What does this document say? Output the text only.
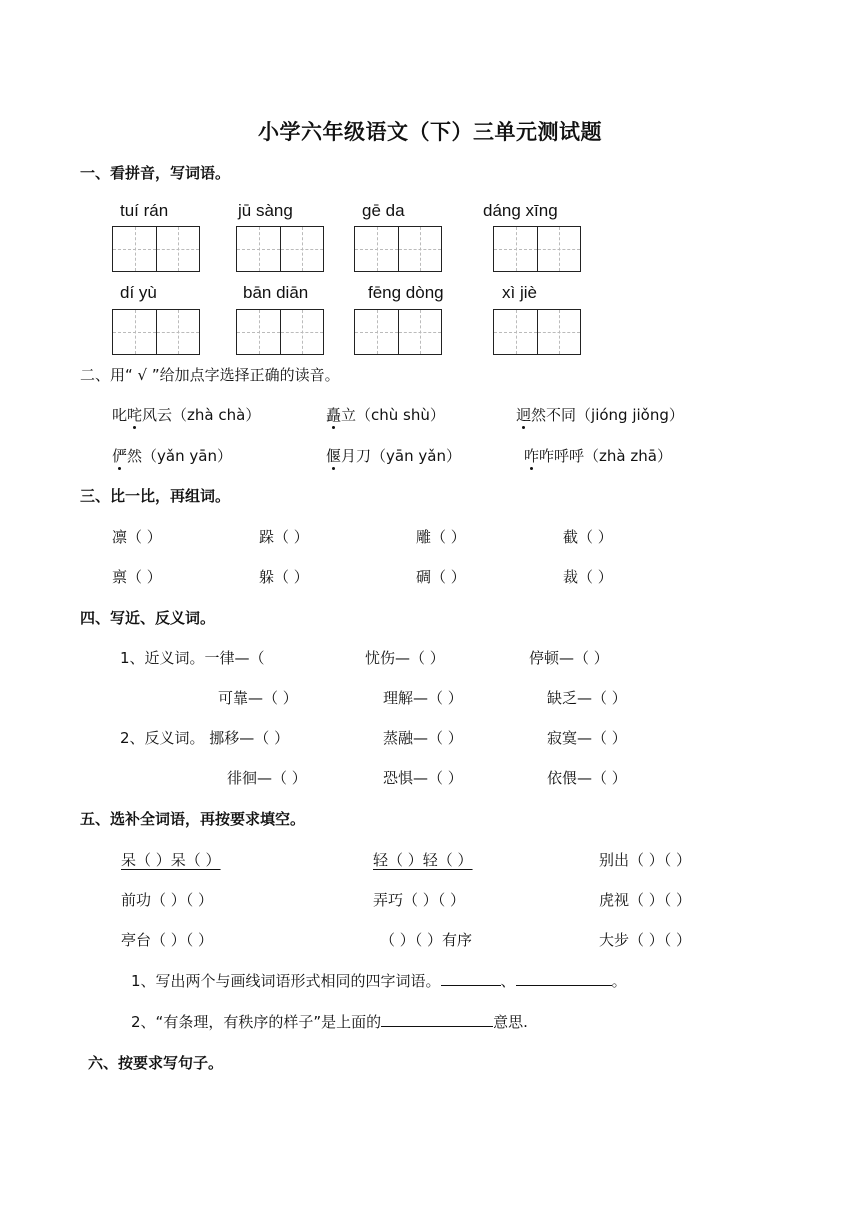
小学六年级语文（下）三单元测试题
一、看拼音，写词语。
tuí rán	jū sàng	gē da	dáng xīng
dí yù	bān diān	fēng dòng	xì jiè
二、用“ √ ”给加点字选择正确的读音。
叱咤风云（zhà chà）	矗立（chù shù）	迥然不同（jióng jiǒng）
俨然（yǎn yān）	偃月刀（yān yǎn）	咋咋呼呼（zhà zhā）
三、比一比，再组词。
凛（ ）	跺（ ）	雕（ ）	截（ ）
禀（ ）	躲（ ）	碉（ ）	裁（ ）
四、写近、反义词。
1、近义词。一律—（	忧伤—（ ）	停顿—（ ）
可靠—（ ）	理解—（ ）	缺乏—（ ）
2、反义词。 挪移—（ ）	蒸融—（ ）	寂寞—（ ）
徘徊—（ ）	恐惧—（ ）	依偎—（ ）
五、选补全词语，再按要求填空。
呆（ ）呆（ ）	轻（ ）轻（ ）	别出（ ）（ ）
前功（ ）（ ）	弄巧（ ）（ ）	虎视（ ）（ ）
亭台（ ）（ ）	（ ）（ ）有序	大步（ ）（ ）
1、写出两个与画线词语形式相同的四字词语。	、	。
2、“有条理，有秩序的样子”是上面的	意思.
六、按要求写句子。
